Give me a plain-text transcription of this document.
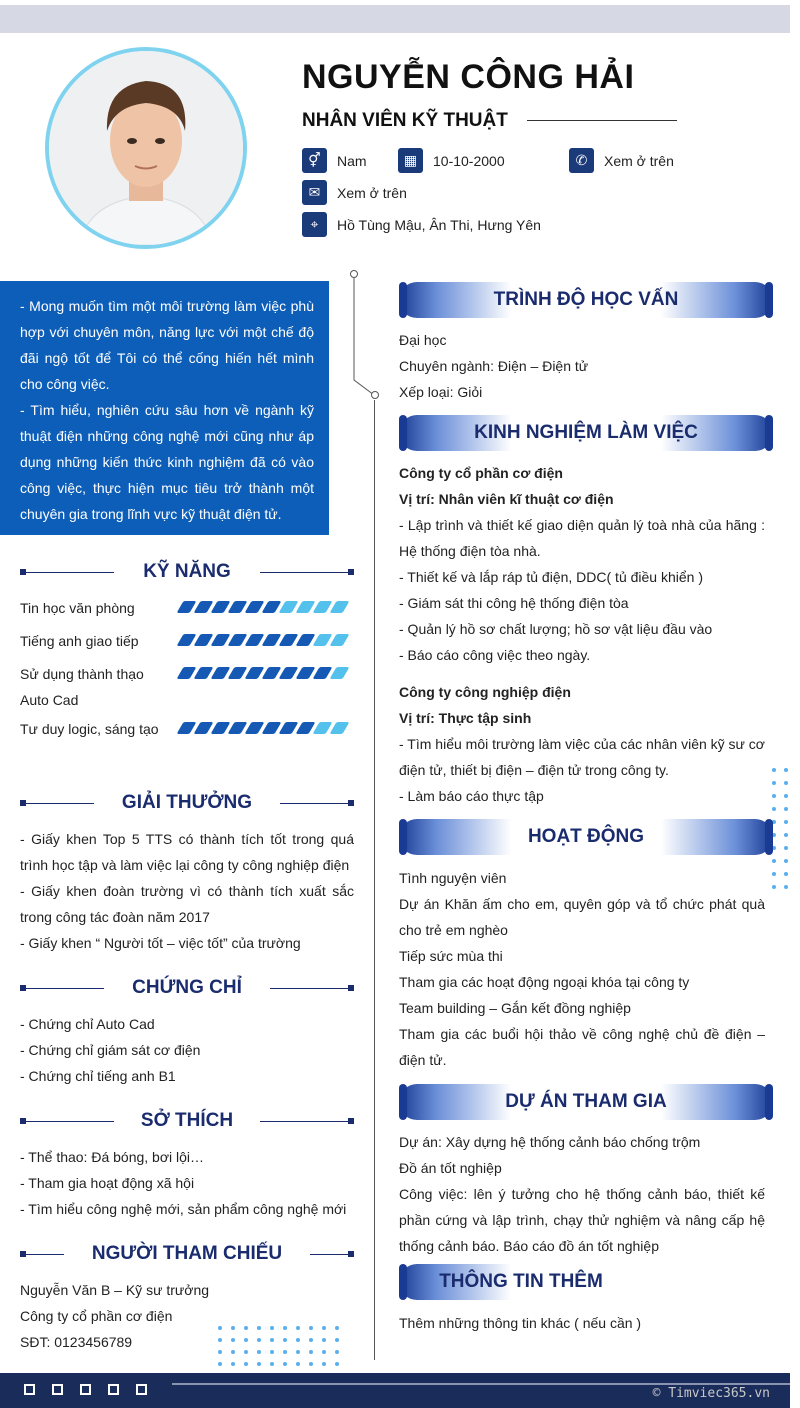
NGUYỄN CÔNG HẢI
NHÂN VIÊN KỸ THUẬT
⚥	Nam	▦	10-10-2000	✆	Xem ở trên
✉	Xem ở trên
⌖	Hồ Tùng Mậu, Ân Thi, Hưng Yên

- Mong muốn tìm một môi trường làm việc phù hợp với chuyên môn, năng lực với một chế độ đãi ngộ tốt để Tôi có thể cống hiến hết mình cho công việc.

- Tìm hiểu, nghiên cứu sâu hơn về ngành kỹ thuật điện những công nghệ mới cũng như áp dụng những kiến thức kinh nghiệm đã có vào công việc, thực hiện mục tiêu trở thành một chuyên gia trong lĩnh vực kỹ thuật điện tử.

KỸ NĂNG
Tin học văn phòng
Tiếng anh giao tiếp
Sử dụng thành thạo Auto Cad
Tư duy logic, sáng tạo
GIẢI THƯỞNG
- Giấy khen Top 5 TTS có thành tích tốt trong quá trình học tập và làm việc lại công ty công nghiệp điện
- Giấy khen đoàn trường vì có thành tích xuất sắc trong công tác đoàn năm 2017
- Giấy khen “ Người tốt – việc tốt” của trường
CHỨNG CHỈ
- Chứng chỉ Auto Cad
- Chứng chỉ giám sát cơ điện
- Chứng chỉ tiếng anh B1
SỞ THÍCH
- Thể thao: Đá bóng, bơi lội…
- Tham gia hoạt động xã hội
- Tìm hiểu công nghệ mới, sản phẩm công nghệ mới
NGƯỜI THAM CHIẾU
Nguyễn Văn B – Kỹ sư trưởng
Công ty cổ phần cơ điện
SĐT: 0123456789
TRÌNH ĐỘ HỌC VẤN
Đại học
Chuyên ngành: Điện – Điện tử
Xếp loại: Giỏi
KINH NGHIỆM LÀM VIỆC
Công ty cổ phần cơ điện
Vị trí: Nhân viên kĩ thuật cơ điện
- Lập trình và thiết kế giao diện quản lý toà nhà của hãng : Hệ thống điện tòa nhà.
- Thiết kế và lắp ráp tủ điện, DDC( tủ điều khiển )
- Giám sát thi công hệ thống điện tòa
- Quản lý hồ sơ chất lượng; hồ sơ vật liệu đầu vào
- Báo cáo công việc theo ngày.
Công ty công nghiệp điện
Vị trí: Thực tập sinh
- Tìm hiểu môi trường làm việc của các nhân viên kỹ sư cơ điện tử, thiết bị điện – điện tử trong công ty.
- Làm báo cáo thực tập
HOẠT ĐỘNG
Tình nguyện viên
Dự án Khăn ấm cho em, quyên góp và tổ chức phát quà cho trẻ em nghèo
Tiếp sức mùa thi
Tham gia các hoạt động ngoại khóa tại công ty
Team building – Gắn kết đồng nghiệp
Tham gia các buổi hội thảo về công nghệ chủ đề điện – điện tử.
DỰ ÁN THAM GIA
Dự án: Xây dựng hệ thống cảnh báo chống trộm
Đồ án tốt nghiệp
Công việc: lên ý tưởng cho hệ thống cảnh báo, thiết kế phần cứng và lập trình, chạy thử nghiệm và nâng cấp hệ thống cảnh báo. Báo cáo đồ án tốt nghiệp
THÔNG TIN THÊM
Thêm những thông tin khác ( nếu cần )
© Timviec365.vn
